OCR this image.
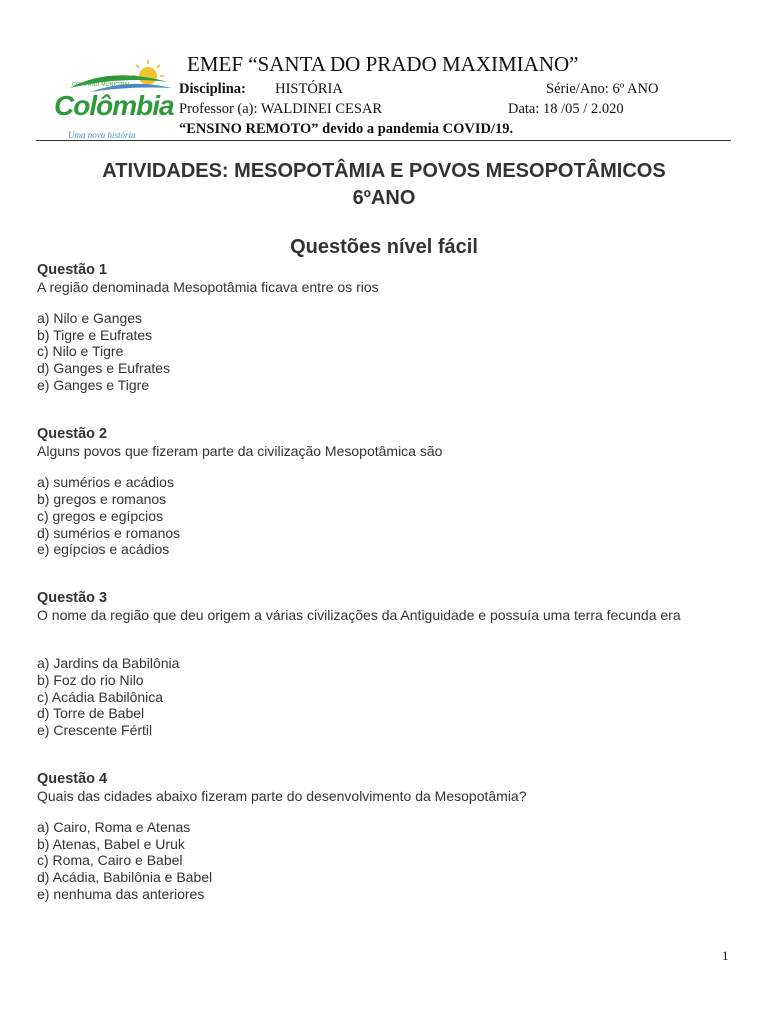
GOVERNO MUNICIPAL
Colômbia
Uma nova história
EMEF “SANTA DO PRADO MAXIMIANO”
Disciplina: HISTÓRIA	Série/Ano: 6º ANO
Professor (a): WALDINEI CESAR	Data: 18 /05 / 2.020
“ENSINO REMOTO” devido a pandemia COVID/19.
ATIVIDADES: MESOPOTÂMIA E POVOS MESOPOTÂMICOS
6ºANO
Questões nível fácil
Questão 1
A região denominada Mesopotâmia ficava entre os rios
a) Nilo e Ganges
b) Tigre e Eufrates
c) Nilo e Tigre
d) Ganges e Eufrates
e) Ganges e Tigre
Questão 2
Alguns povos que fizeram parte da civilização Mesopotâmica são
a) sumérios e acádios
b) gregos e romanos
c) gregos e egípcios
d) sumérios e romanos
e) egípcios e acádios
Questão 3
O nome da região que deu origem a várias civilizações da Antiguidade e possuía uma terra fecunda era
a) Jardins da Babilônia
b) Foz do rio Nilo
c) Acádia Babilônica
d) Torre de Babel
e) Crescente Fértil
Questão 4
Quais das cidades abaixo fizeram parte do desenvolvimento da Mesopotâmia?
a) Cairo, Roma e Atenas
b) Atenas, Babel e Uruk
c) Roma, Cairo e Babel
d) Acádia, Babilônia e Babel
e) nenhuma das anteriores
1
